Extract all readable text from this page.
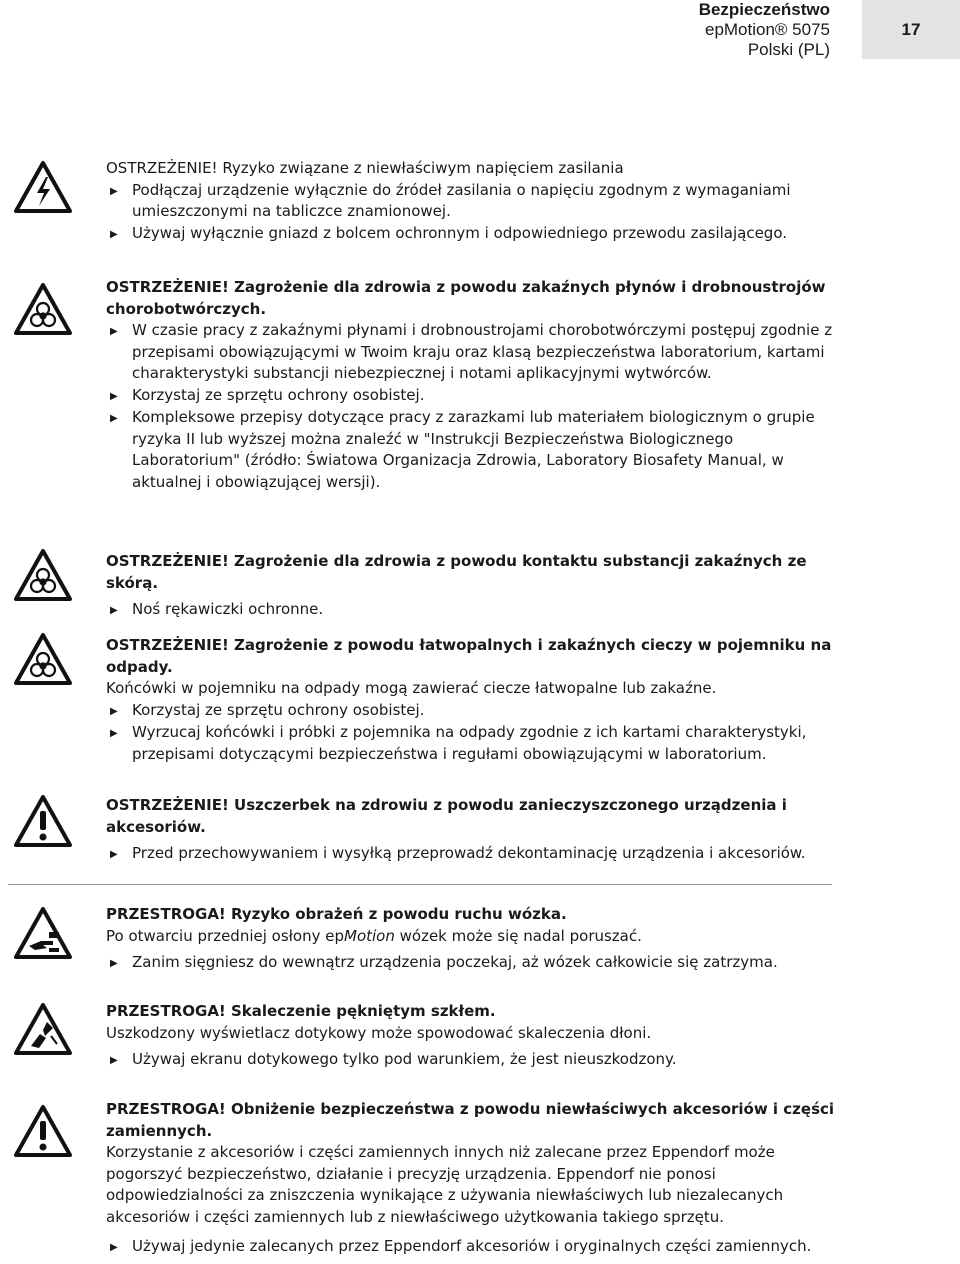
Bezpieczeństwo
epMotion® 5075
Polski (PL)
17
OSTRZEŻENIE! Ryzyko związane z niewłaściwym napięciem zasilania
▶ Podłączaj urządzenie wyłącznie do źródeł zasilania o napięciu zgodnym z wymaganiami umieszczonymi na tabliczce znamionowej.
▶ Używaj wyłącznie gniazd z bolcem ochronnym i odpowiedniego przewodu zasilającego.
OSTRZEŻENIE! Zagrożenie dla zdrowia z powodu zakaźnych płynów i drobnoustrojów chorobotwórczych.
▶ W czasie pracy z zakaźnymi płynami i drobnoustrojami chorobotwórczymi postępuj zgodnie z przepisami obowiązującymi w Twoim kraju oraz klasą bezpieczeństwa laboratorium, kartami charakterystyki substancji niebezpiecznej i notami aplikacyjnymi wytwórców.
▶ Korzystaj ze sprzętu ochrony osobistej.
▶ Kompleksowe przepisy dotyczące pracy z zarazkami lub materiałem biologicznym o grupie ryzyka II lub wyższej można znaleźć w "Instrukcji Bezpieczeństwa Biologicznego Laboratorium" (źródło: Światowa Organizacja Zdrowia, Laboratory Biosafety Manual, w aktualnej i obowiązującej wersji).
OSTRZEŻENIE! Zagrożenie dla zdrowia z powodu kontaktu substancji zakaźnych ze skórą.
▶ Noś rękawiczki ochronne.
OSTRZEŻENIE! Zagrożenie z powodu łatwopalnych i zakaźnych cieczy w pojemniku na odpady.
Końcówki w pojemniku na odpady mogą zawierać ciecze łatwopalne lub zakaźne.
▶ Korzystaj ze sprzętu ochrony osobistej.
▶ Wyrzucaj końcówki i próbki z pojemnika na odpady zgodnie z ich kartami charakterystyki, przepisami dotyczącymi bezpieczeństwa i regułami obowiązującymi w laboratorium.
OSTRZEŻENIE! Uszczerbek na zdrowiu z powodu zanieczyszczonego urządzenia i akcesoriów.
▶ Przed przechowywaniem i wysyłką przeprowadź dekontaminację urządzenia i akcesoriów.
PRZESTROGA! Ryzyko obrażeń z powodu ruchu wózka.
Po otwarciu przedniej osłony epMotion wózek może się nadal poruszać.
▶ Zanim sięgniesz do wewnątrz urządzenia poczekaj, aż wózek całkowicie się zatrzyma.
PRZESTROGA! Skaleczenie pękniętym szkłem.
Uszkodzony wyświetlacz dotykowy może spowodować skaleczenia dłoni.
▶ Używaj ekranu dotykowego tylko pod warunkiem, że jest nieuszkodzony.
PRZESTROGA! Obniżenie bezpieczeństwa z powodu niewłaściwych akcesoriów i części zamiennych.
Korzystanie z akcesoriów i części zamiennych innych niż zalecane przez Eppendorf może pogorszyć bezpieczeństwo, działanie i precyzję urządzenia. Eppendorf nie ponosi odpowiedzialności za zniszczenia wynikające z używania niewłaściwych lub niezalecanych akcesoriów i części zamiennych lub z niewłaściwego użytkowania takiego sprzętu.
▶ Używaj jedynie zalecanych przez Eppendorf akcesoriów i oryginalnych części zamiennych.
